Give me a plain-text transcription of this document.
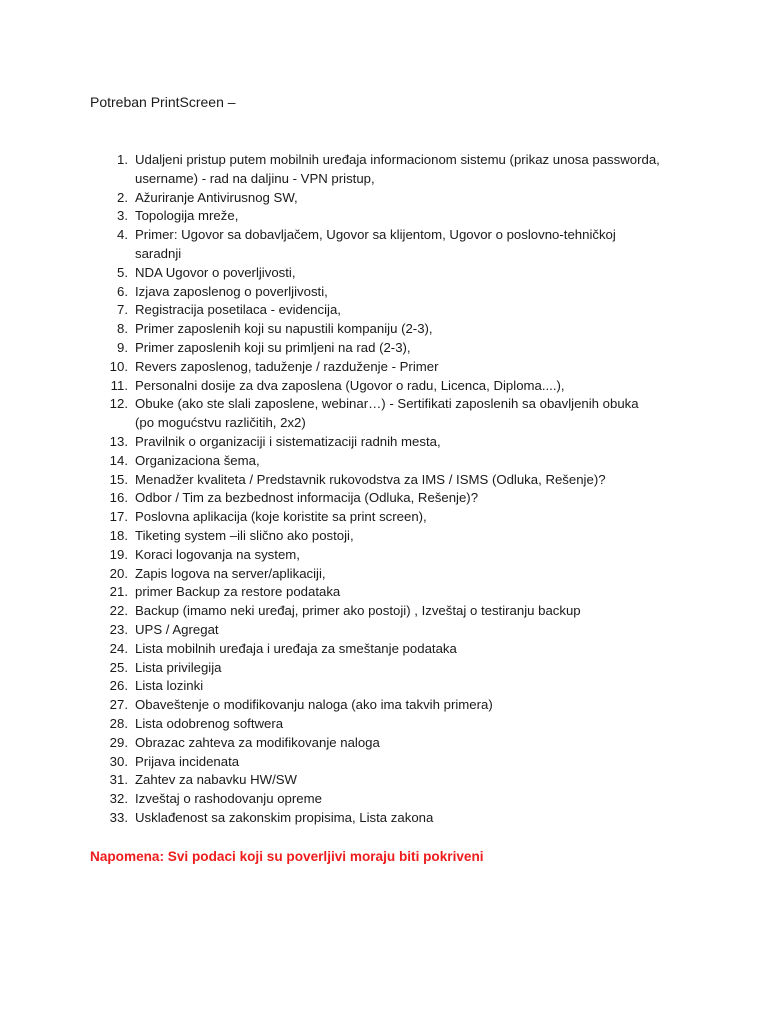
Potreban PrintScreen –
1. Udaljeni pristup putem mobilnih uređaja informacionom sistemu (prikaz unosa passworda, username) - rad na daljinu - VPN pristup,
2. Ažuriranje Antivirusnog SW,
3. Topologija mreže,
4. Primer: Ugovor sa dobavljačem, Ugovor sa klijentom, Ugovor o poslovno-tehničkoj saradnji
5. NDA Ugovor o poverljivosti,
6. Izjava zaposlenog o poverljivosti,
7. Registracija posetilaca - evidencija,
8. Primer zaposlenih koji su napustili kompaniju (2-3),
9. Primer zaposlenih koji su primljeni na rad (2-3),
10. Revers zaposlenog, taduženje / razduženje - Primer
11. Personalni dosije za dva zaposlena (Ugovor o radu, Licenca, Diploma....),
12. Obuke (ako ste slali zaposlene, webinar…) - Sertifikati zaposlenih sa obavljenih obuka (po mogućstvu različitih, 2x2)
13. Pravilnik o organizaciji i sistematizaciji radnih mesta,
14. Organizaciona šema,
15. Menadžer kvaliteta / Predstavnik rukovodstva za IMS / ISMS (Odluka, Rešenje)?
16. Odbor / Tim za bezbednost informacija (Odluka, Rešenje)?
17. Poslovna aplikacija (koje koristite sa print screen),
18. Tiketing system –ili slično ako postoji,
19. Koraci logovanja na system,
20. Zapis logova na server/aplikaciji,
21. primer Backup za restore podataka
22. Backup (imamo neki uređaj, primer ako postoji) , Izveštaj o testiranju backup
23. UPS / Agregat
24. Lista mobilnih uređaja i uređaja za smeštanje podataka
25. Lista privilegija
26. Lista lozinki
27. Obaveštenje o modifikovanju naloga (ako ima takvih primera)
28. Lista odobrenog softwera
29. Obrazac zahteva za modifikovanje naloga
30. Prijava incidenata
31. Zahtev za nabavku HW/SW
32. Izveštaj o rashodovanju opreme
33. Usklađenost sa zakonskim propisima, Lista zakona
Napomena: Svi podaci koji su poverljivi moraju biti pokriveni
